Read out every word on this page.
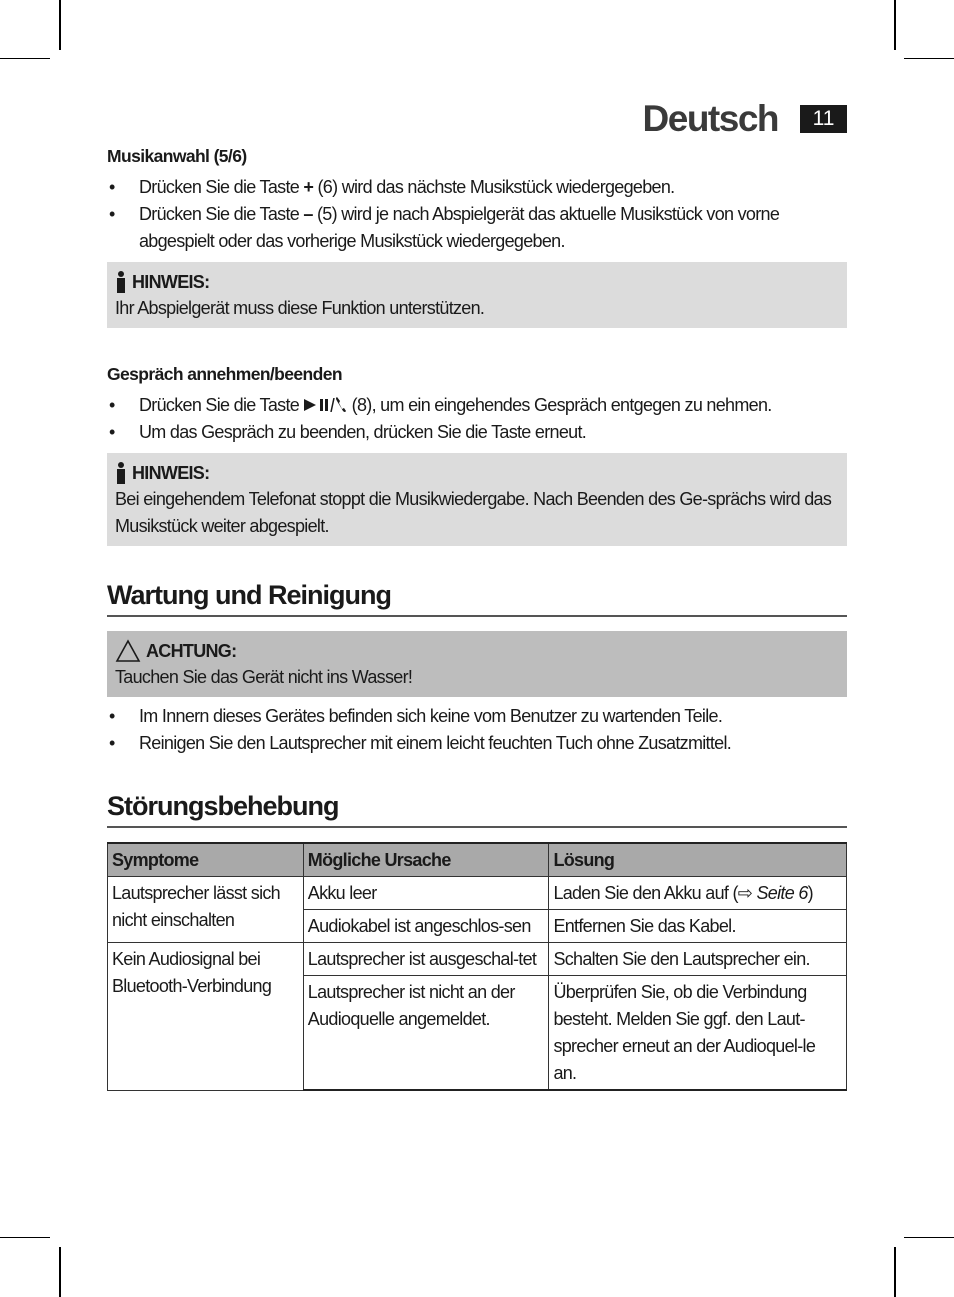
Deutsch	11
Musikanwahl (5/6)
• Drücken Sie die Taste + (6) wird das nächste Musikstück wiedergegeben.
• Drücken Sie die Taste – (5) wird je nach Abspielgerät das aktuelle Musikstück von vorne abgespielt oder das vorherige Musikstück wiedergegeben.
HINWEIS:
Ihr Abspielgerät muss diese Funktion unterstützen.
Gespräch annehmen/beenden
• Drücken Sie die Taste  (8), um ein eingehendes Gespräch entgegen zu nehmen.
• Um das Gespräch zu beenden, drücken Sie die Taste erneut.
HINWEIS:
Bei eingehendem Telefonat stoppt die Musikwiedergabe. Nach Beenden des Ge-sprächs wird das Musikstück weiter abgespielt.
Wartung und Reinigung
ACHTUNG:
Tauchen Sie das Gerät nicht ins Wasser!
• Im Innern dieses Gerätes befinden sich keine vom Benutzer zu wartenden Teile.
• Reinigen Sie den Lautsprecher mit einem leicht feuchten Tuch ohne Zusatzmittel.
Störungsbehebung
Symptome	Mögliche Ursache	Lösung
Lautsprecher lässt sich nicht einschalten	Akku leer	Laden Sie den Akku auf (⇨ Seite 6)
	Audiokabel ist angeschlos-sen	Entfernen Sie das Kabel.
Kein Audiosignal bei Bluetooth-Verbindung	Lautsprecher ist ausgeschal-tet	Schalten Sie den Lautsprecher ein.
	Lautsprecher ist nicht an der Audioquelle angemeldet.	Überprüfen Sie, ob die Verbindung besteht. Melden Sie ggf. den Laut-sprecher erneut an der Audioquel-le an.
